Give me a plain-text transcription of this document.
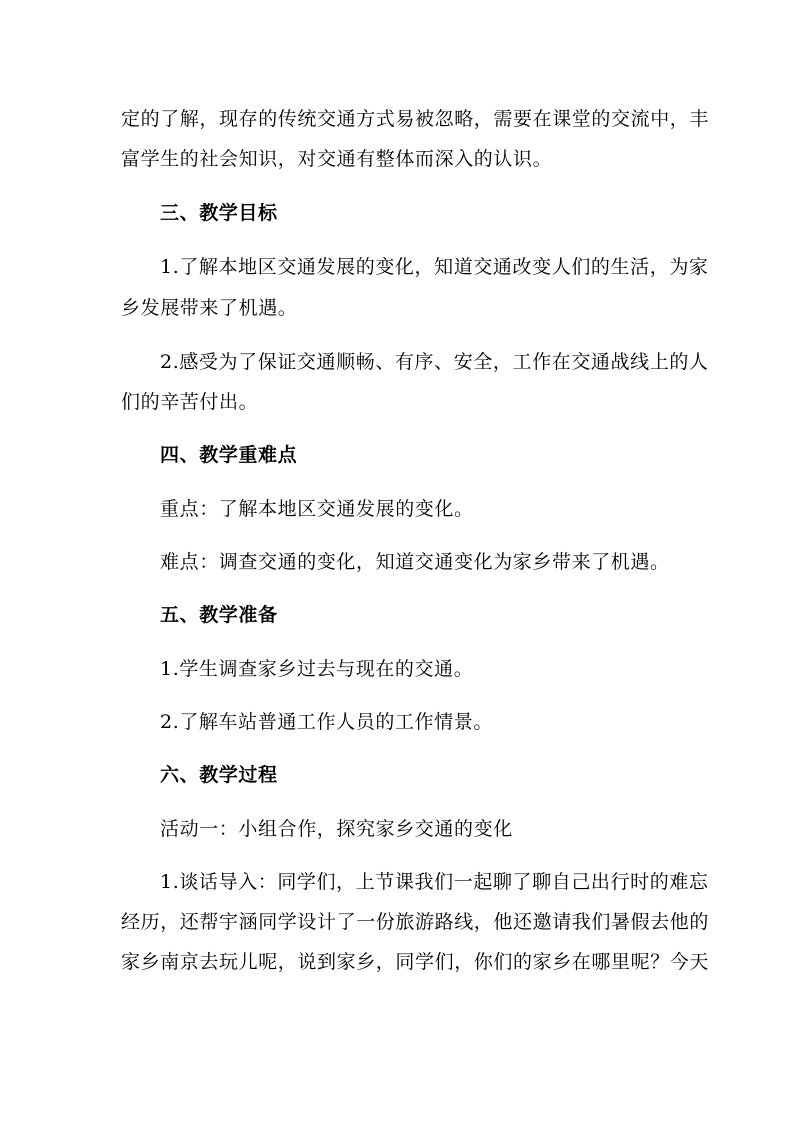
定的了解，现存的传统交通方式易被忽略，需要在课堂的交流中，丰
富学生的社会知识，对交通有整体而深入的认识。
三、教学目标
1.了解本地区交通发展的变化，知道交通改变人们的生活，为家
乡发展带来了机遇。
2.感受为了保证交通顺畅、有序、安全，工作在交通战线上的人
们的辛苦付出。
四、教学重难点
重点：了解本地区交通发展的变化。
难点：调查交通的变化，知道交通变化为家乡带来了机遇。
五、教学准备
1.学生调查家乡过去与现在的交通。
2.了解车站普通工作人员的工作情景。
六、教学过程
活动一：小组合作，探究家乡交通的变化
1.谈话导入：同学们，上节课我们一起聊了聊自己出行时的难忘
经历，还帮宇涵同学设计了一份旅游路线，他还邀请我们暑假去他的
家乡南京去玩儿呢，说到家乡，同学们，你们的家乡在哪里呢？今天
